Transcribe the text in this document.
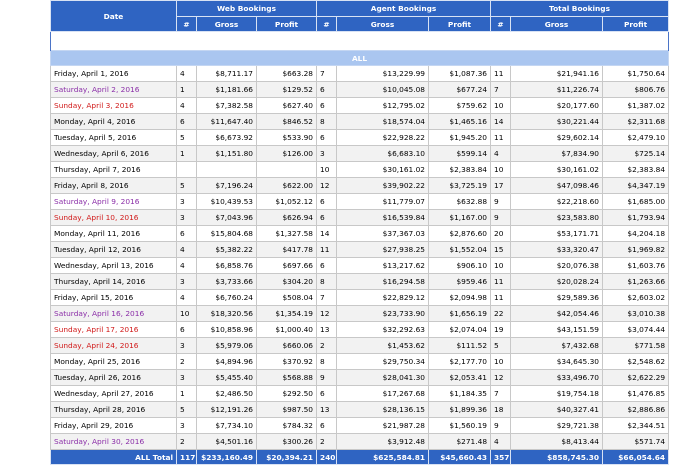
Date	Web Bookings			Agent Bookings			Total Bookings		
	#	Gross	Profit	#	Gross	Profit	#	Gross	Profit

ALL									
Friday, April 1, 2016	4	$8,711.17	$663.28	7	$13,229.99	$1,087.36	11	$21,941.16	$1,750.64
Saturday, April 2, 2016	1	$1,181.66	$129.52	6	$10,045.08	$677.24	7	$11,226.74	$806.76
Sunday, April 3, 2016	4	$7,382.58	$627.40	6	$12,795.02	$759.62	10	$20,177.60	$1,387.02
Monday, April 4, 2016	6	$11,647.40	$846.52	8	$18,574.04	$1,465.16	14	$30,221.44	$2,311.68
Tuesday, April 5, 2016	5	$6,673.92	$533.90	6	$22,928.22	$1,945.20	11	$29,602.14	$2,479.10
Wednesday, April 6, 2016	1	$1,151.80	$126.00	3	$6,683.10	$599.14	4	$7,834.90	$725.14
Thursday, April 7, 2016				10	$30,161.02	$2,383.84	10	$30,161.02	$2,383.84
Friday, April 8, 2016	5	$7,196.24	$622.00	12	$39,902.22	$3,725.19	17	$47,098.46	$4,347.19
Saturday, April 9, 2016	3	$10,439.53	$1,052.12	6	$11,779.07	$632.88	9	$22,218.60	$1,685.00
Sunday, April 10, 2016	3	$7,043.96	$626.94	6	$16,539.84	$1,167.00	9	$23,583.80	$1,793.94
Monday, April 11, 2016	6	$15,804.68	$1,327.58	14	$37,367.03	$2,876.60	20	$53,171.71	$4,204.18
Tuesday, April 12, 2016	4	$5,382.22	$417.78	11	$27,938.25	$1,552.04	15	$33,320.47	$1,969.82
Wednesday, April 13, 2016	4	$6,858.76	$697.66	6	$13,217.62	$906.10	10	$20,076.38	$1,603.76
Thursday, April 14, 2016	3	$3,733.66	$304.20	8	$16,294.58	$959.46	11	$20,028.24	$1,263.66
Friday, April 15, 2016	4	$6,760.24	$508.04	7	$22,829.12	$2,094.98	11	$29,589.36	$2,603.02
Saturday, April 16, 2016	10	$18,320.56	$1,354.19	12	$23,733.90	$1,656.19	22	$42,054.46	$3,010.38
Sunday, April 17, 2016	6	$10,858.96	$1,000.40	13	$32,292.63	$2,074.04	19	$43,151.59	$3,074.44
Sunday, April 24, 2016	3	$5,979.06	$660.06	2	$1,453.62	$111.52	5	$7,432.68	$771.58
Monday, April 25, 2016	2	$4,894.96	$370.92	8	$29,750.34	$2,177.70	10	$34,645.30	$2,548.62
Tuesday, April 26, 2016	3	$5,455.40	$568.88	9	$28,041.30	$2,053.41	12	$33,496.70	$2,622.29
Wednesday, April 27, 2016	1	$2,486.50	$292.50	6	$17,267.68	$1,184.35	7	$19,754.18	$1,476.85
Thursday, April 28, 2016	5	$12,191.26	$987.50	13	$28,136.15	$1,899.36	18	$40,327.41	$2,886.86
Friday, April 29, 2016	3	$7,734.10	$784.32	6	$21,987.28	$1,560.19	9	$29,721.38	$2,344.51
Saturday, April 30, 2016	2	$4,501.16	$300.26	2	$3,912.48	$271.48	4	$8,413.44	$571.74
ALL Total	117	$233,160.49	$20,394.21	240	$625,584.81	$45,660.43	357	$858,745.30	$66,054.64
